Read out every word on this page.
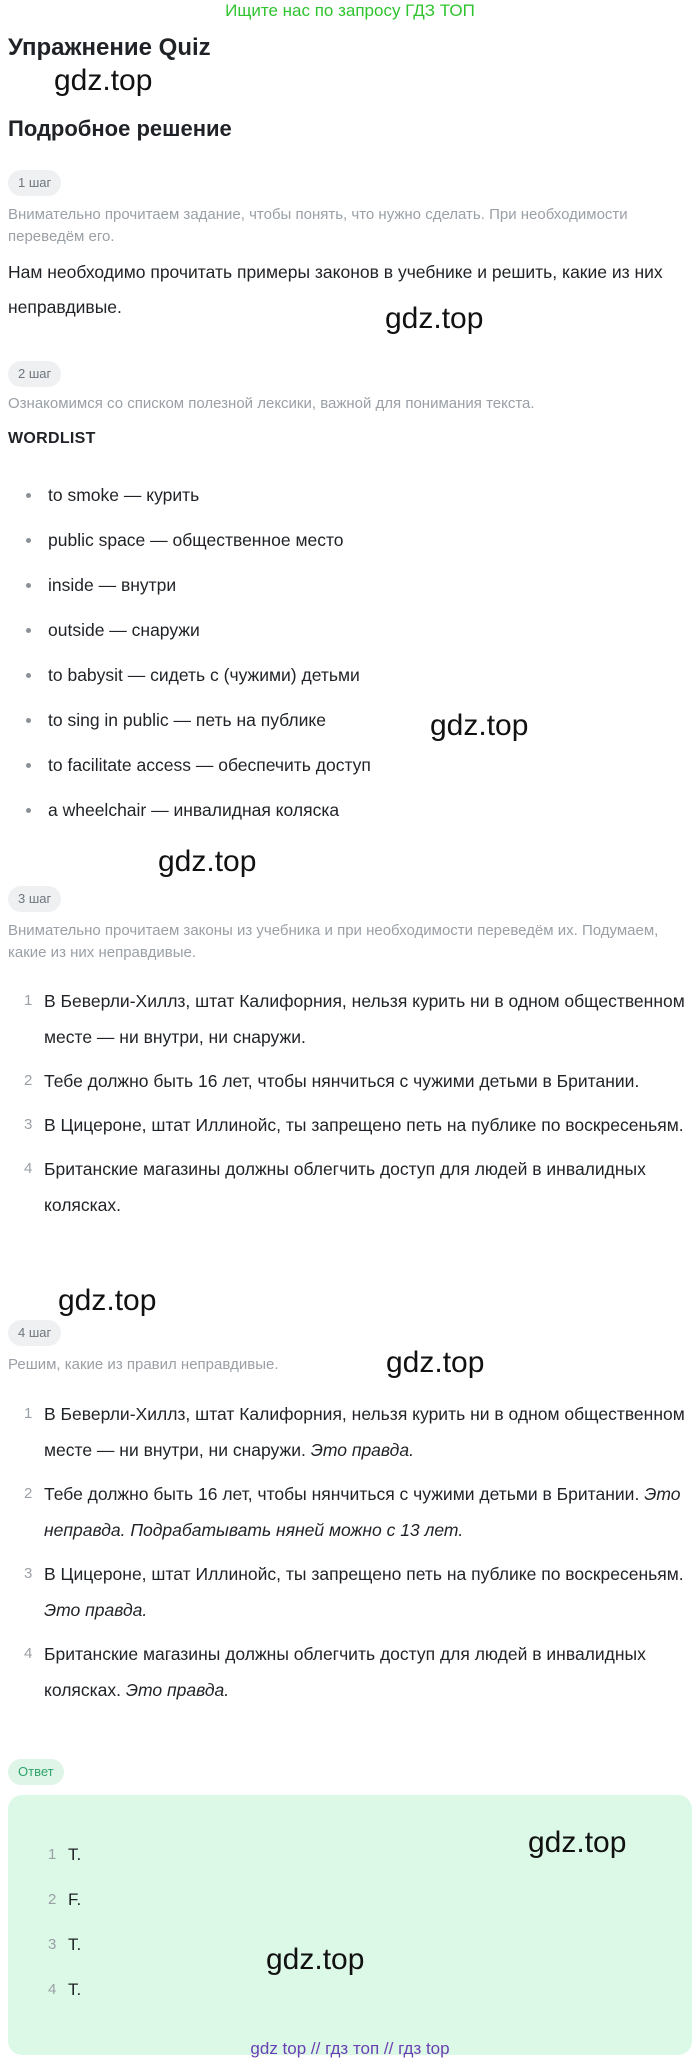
Ищите нас по запросу ГДЗ ТОП
Упражнение Quiz
gdz.top
Подробное решение
1 шаг
Внимательно прочитаем задание, чтобы понять, что нужно сделать. При необходимости переведём его.
Нам необходимо прочитать примеры законов в учебнике и решить, какие из них неправдивые.	gdz.top
2 шаг
Ознакомимся со списком полезной лексики, важной для понимания текста.
WORDLIST
to smoke — курить
public space — общественное место
inside — внутри
outside — снаружи
to babysit — сидеть с (чужими) детьми
to sing in public — петь на публике
to facilitate access — обеспечить доступ
a wheelchair — инвалидная коляска
gdz.top
gdz.top
3 шаг
Внимательно прочитаем законы из учебника и при необходимости переведём их. Подумаем, какие из них неправдивые.
1 В Беверли-Хиллз, штат Калифорния, нельзя курить ни в одном общественном месте — ни внутри, ни снаружи.
2 Тебе должно быть 16 лет, чтобы нянчиться с чужими детьми в Британии.
3 В Цицероне, штат Иллинойс, ты запрещено петь на публике по воскресеньям.
4 Британские магазины должны облегчить доступ для людей в инвалидных колясках.
gdz.top
4 шаг
Решим, какие из правил неправдивые.	gdz.top
1 В Беверли-Хиллз, штат Калифорния, нельзя курить ни в одном общественном месте — ни внутри, ни снаружи. Это правда.
2 Тебе должно быть 16 лет, чтобы нянчиться с чужими детьми в Британии. Это неправда. Подрабатывать няней можно с 13 лет.
3 В Цицероне, штат Иллинойс, ты запрещено петь на публике по воскресеньям. Это правда.
4 Британские магазины должны облегчить доступ для людей в инвалидных колясках. Это правда.
Ответ
gdz.top
1 T.
2 F.
3 T.
4 T.
gdz.top
gdz top // гдз топ // гдз top
